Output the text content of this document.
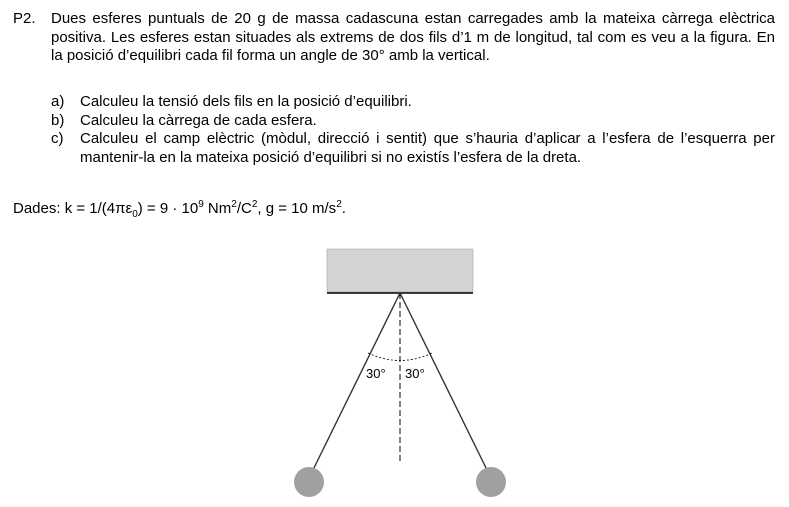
P2.	Dues esferes puntuals de 20 g de massa cadascuna estan carregades amb la mateixa càrrega elèctrica positiva. Les esferes estan situades als extrems de dos fils d’1 m de longitud, tal com es veu a la figura. En la posició d’equilibri cada fil forma un angle de 30° amb la vertical.
a)	Calculeu la tensió dels fils en la posició d’equilibri.
b)	Calculeu la càrrega de cada esfera.
c)	Calculeu el camp elèctric (mòdul, direcció i sentit) que s’hauria d’aplicar a l’esfera de l’esquerra per mantenir-la en la mateixa posició d’equilibri si no existís l’esfera de la dreta.
Dades: $k = 1/(4\pi\varepsilon_0) = 9 \cdot 10^9$ $Nm^2/C^2$, g = 10 $m/s^2$.
30° 30°
